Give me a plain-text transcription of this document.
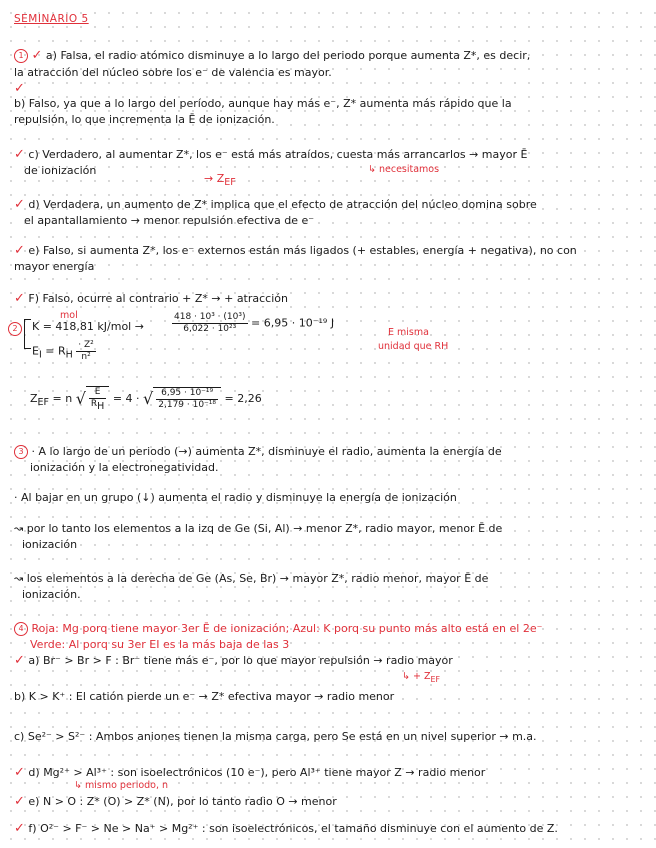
SEMINARIO 5
1 ✓ a) Falsa, el radio atómico disminuye a lo largo del periodo porque aumenta Z*, es decir,
la atracción del núcleo sobre los e⁻ de valencia es mayor.
✓
b) Falso, ya que a lo largo del período, aunque hay más e⁻, Z* aumenta más rápido que la
repulsión, lo que incrementa la Ē de ionización.
✓ c) Verdadero, al aumentar Z*, los e⁻ está más atraídos, cuesta más arrancarlos → mayor Ē
de ionización
→ $Z_{EF}$
↳ necesitamos
✓ d) Verdadera, un aumento de Z* implica que el efecto de atracción del núcleo domina sobre
el apantallamiento → menor repulsión efectiva de e⁻
✓ e) Falso, si aumenta Z*, los e⁻ externos están más ligados (+ estables, energía + negativa), no con
mayor energía
✓ F) Falso, ocurre al contrario + Z* → + atracción
mol
2	K = 418,81 kJ/mol →	$\frac{\text{418 · 10³ · (10³)}}{\text{6,022 · 10²³}} = 6,95 \cdot 10^{-19}$ J
$E_I = R_H \frac{\text{· Z²}}{\text{n²}}$
E misma
unidad que RH
$Z_{EF} = n$ √ $\frac{E}{R_H} = 4$ · √ $\frac{\text{6,95 · 10⁻¹⁹}}{\text{2,179 · 10⁻¹⁸}} = 2,26$
3 · A lo largo de un periodo (→) aumenta Z*, disminuye el radio, aumenta la energía de
ionización y la electronegatividad.
· Al bajar en un grupo (↓) aumenta el radio y disminuye la energía de ionización
↝ por lo tanto los elementos a la izq de Ge (Si, Al) → menor Z*, radio mayor, menor Ē de
ionización
↝ los elementos a la derecha de Ge (As, Se, Br) → mayor Z*, radio menor, mayor Ē de
ionización.
4 Roja: Mg porq tiene mayor 3er Ē de ionización; Azul: K porq su punto más alto está en el 2e⁻
Verde: Al porq su 3er EI es la más baja de las 3
✓ a) Br⁻ > Br > F : Br⁻ tiene más e⁻, por lo que mayor repulsión → radio mayor
↳ + $Z_{EF}$
b) K > K⁺ : El catión pierde un e⁻ → Z* efectiva mayor → radio menor
c) Se²⁻ > S²⁻ : Ambos aniones tienen la misma carga, pero Se está en un nivel superior → m.a.
✓ d) Mg²⁺ > Al³⁺ : son isoelectrónicos (10 e⁻), pero Al³⁺ tiene mayor Z → radio menor
↳ mismo periodo, n
✓ e) N > O : Z* (O) > Z* (N), por lo tanto radio O → menor
✓ f) O²⁻ > F⁻ > Ne > Na⁺ > Mg²⁺ : son isoelectrónicos, el tamaño disminuye con el aumento de Z.
